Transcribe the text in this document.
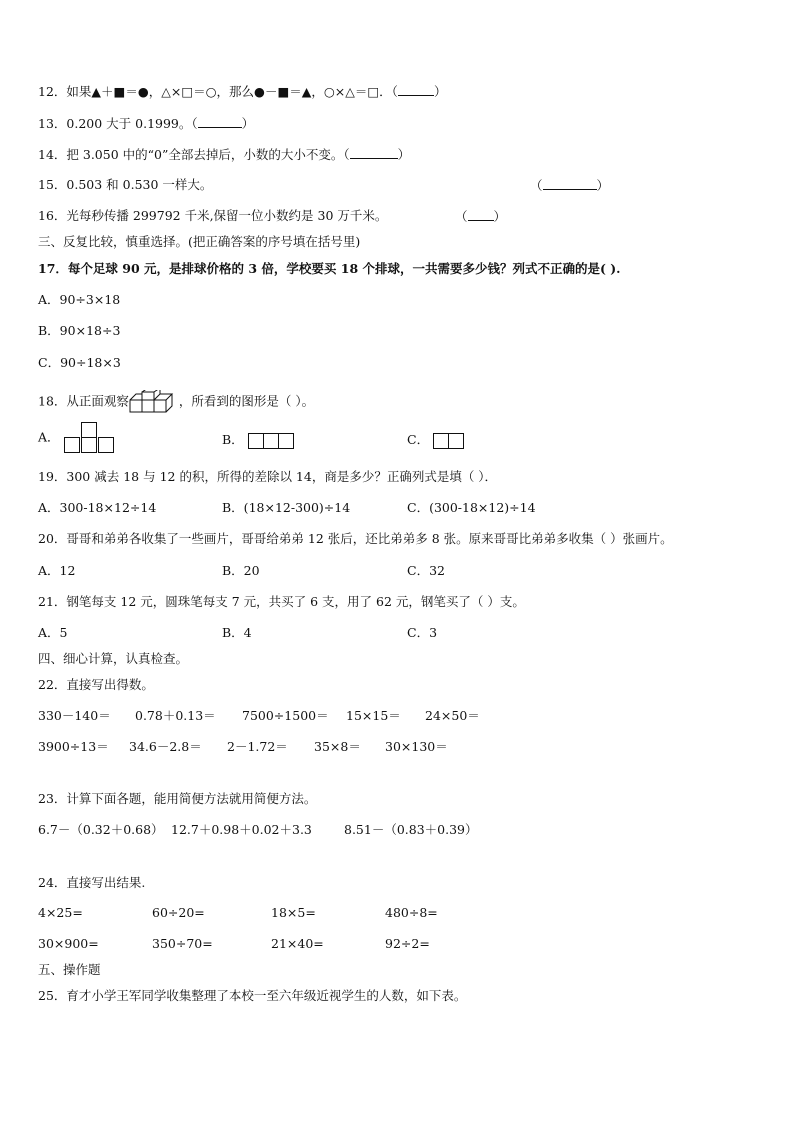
12．如果▲＋■＝●，△×□＝○，那么●－■＝▲，○×△＝□．（	）
13．0.200 大于 0.1999。（	）
14．把 3.050 中的“0”全部去掉后，小数的大小不变。（	）
15．0.503 和 0.530 一样大。	（	）
16．光每秒传播 299792 千米,保留一位小数约是 30 万千米。	（ ）
三、反复比较，慎重选择。(把正确答案的序号填在括号里)
17．每个足球 90 元，是排球价格的 3 倍，学校要买 18 个排球，一共需要多少钱？列式不正确的是( ).
A．90÷3×18
B．90×18÷3
C．90÷18×3
18．从正面观察	，所看到的图形是（ ）。
A．	B．	C．
19．300 减去 18 与 12 的积，所得的差除以 14，商是多少？正确列式是填（ ）．
A．300-18×12÷14	B．(18×12-300)÷14	C．(300-18×12)÷14
20．哥哥和弟弟各收集了一些画片，哥哥给弟弟 12 张后，还比弟弟多 8 张。原来哥哥比弟弟多收集（ ）张画片。
A．12	B．20	C．32
21．钢笔每支 12 元，圆珠笔每支 7 元，共买了 6 支，用了 62 元，钢笔买了（ ）支。
A．5	B．4	C．3
四、细心计算，认真检查。
22．直接写出得数。
330－140＝ 0.78＋0.13＝ 7500÷1500＝ 15×15＝ 24×50＝
3900÷13＝ 34.6－2.8＝ 2－1.72＝ 35×8＝ 30×130＝
23．计算下面各题，能用简便方法就用简便方法。
6.7－（0.32＋0.68） 12.7＋0.98＋0.02＋3.3	8.51－（0.83＋0.39）
24．直接写出结果.
4×25=	60÷20=	18×5=	480÷8=
30×900=	350÷70=	21×40=	92÷2=
五、操作题
25．育才小学王军同学收集整理了本校一至六年级近视学生的人数，如下表。
